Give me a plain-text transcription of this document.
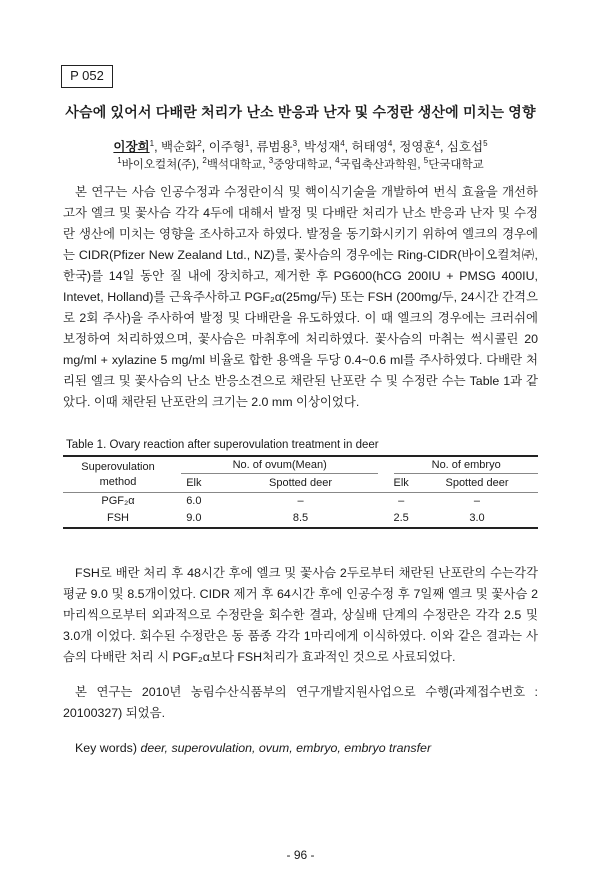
P 052
사슴에 있어서 다배란 처리가 난소 반응과 난자 및 수정란 생산에 미치는 영향
이장희$^1$, 백순화$^2$, 이주형$^1$, 류범용$^3$, 박성재$^4$, 허태영$^4$, 정영훈$^4$, 심호섭$^5$
$^1$바이오컬쳐(주), $^2$백석대학교, $^3$중앙대학교, $^4$국립축산과학원, $^5$단국대학교

본 연구는 사슴 인공수정과 수정란이식 및 핵이식기술을 개발하여 번식 효율을 개선하고자 엘크 및 꽃사슴 각각 4두에 대해서 발정 및 다배란 처리가 난소 반응과 난자 및 수정란 생산에 미치는 영향을 조사하고자 하였다. 발정을 동기화시키기 위하여 엘크의 경우에는 CIDR(Pfizer New Zealand Ltd., NZ)를, 꽃사슴의 경우에는 Ring-CIDR(바이오컬쳐㈜, 한국)를 14일 동안 질 내에 장치하고, 제거한 후 PG600(hCG 200IU + PMSG 400IU, Intevet, Holland)를 근육주사하고 PGF₂α(25mg/두) 또는 FSH (200mg/두, 24시간 간격으로 2회 주사)을 주사하여 발정 및 다배란을 유도하였다. 이 때 엘크의 경우에는 크러쉬에 보정하여 처리하였으며, 꽃사슴은 마취후에 처리하였다. 꽃사슴의 마취는 썩시콜린 20 mg/ml + xylazine 5 mg/ml 비율로 합한 용액을 두당 0.4~0.6 ml를 주사하였다. 다배란 처리된 엘크 및 꽃사슴의 난소 반응소견으로 채란된 난포란 수 및 수정란 수는 Table 1과 같았다. 이때 채란된 난포란의 크기는 2.0 mm 이상이었다.

Table 1. Ovary reaction after superovulation treatment in deer
Superovulation method	No. of ovum(Mean)		No. of embryo	

	Elk	Spotted deer	Elk	Spotted deer
PGF₂α	6.0	–	–	–
FSH	9.0	8.5	2.5	3.0

FSH로 배란 처리 후 48시간 후에 엘크 및 꽃사슴 2두로부터 채란된 난포란의 수는각각 평균 9.0 및 8.5개이었다. CIDR 제거 후 64시간 후에 인공수정 후 7일째 엘크 및 꽃사슴 2마리씩으로부터 외과적으로 수정란을 회수한 결과, 상실배 단계의 수정란은 각각 2.5 및 3.0개 이었다. 회수된 수정란은 동 품종 각각 1마리에게 이식하였다. 이와 같은 결과는 사슴의 다배란 처리 시 PGF₂α보다 FSH처리가 효과적인 것으로 사료되었다.

본 연구는 2010년 농림수산식품부의 연구개발지원사업으로 수행(과제접수번호 : 20100327) 되었음.

Key words) deer, superovulation, ovum, embryo, embryo transfer
- 96 -
